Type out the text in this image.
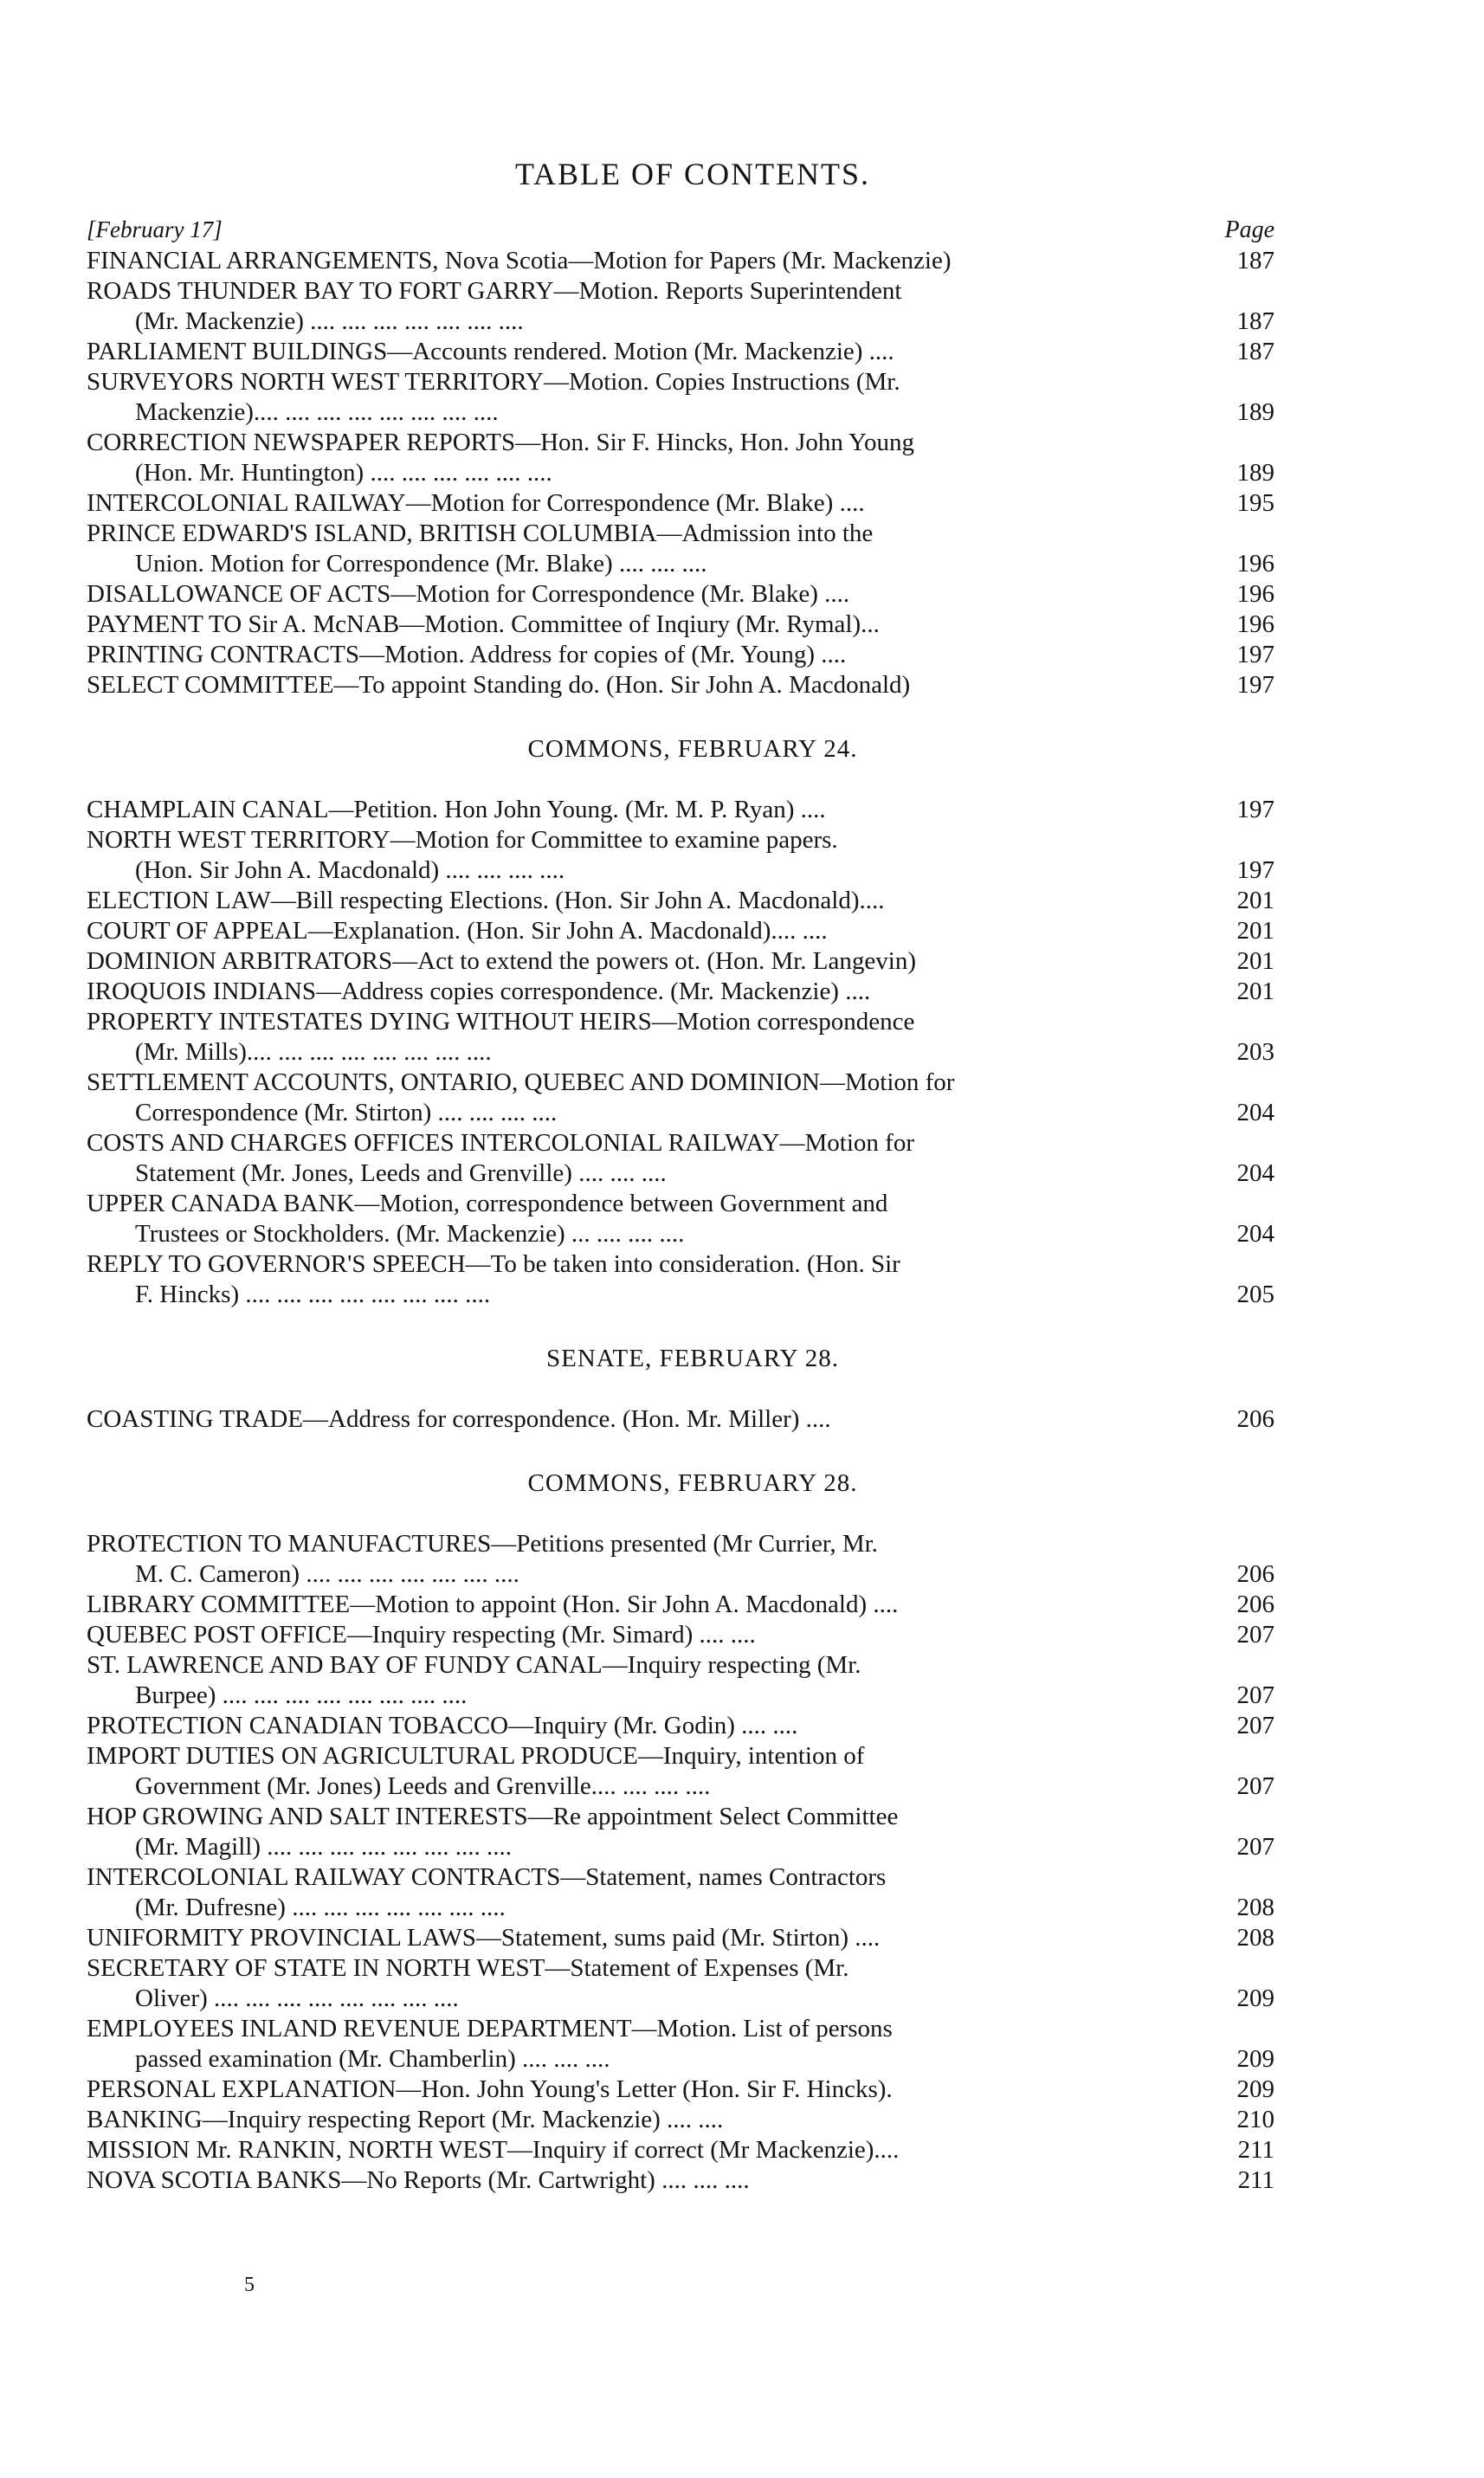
TABLE OF CONTENTS.
[February 17]	Page
FINANCIAL ARRANGEMENTS, Nova Scotia—Motion for Papers (Mr. Mackenzie)	187
ROADS THUNDER BAY TO FORT GARRY—Motion. Reports Superintendent
(Mr. Mackenzie) .... .... .... .... .... .... ....	187
PARLIAMENT BUILDINGS—Accounts rendered. Motion (Mr. Mackenzie) ....	187
SURVEYORS NORTH WEST TERRITORY—Motion. Copies Instructions (Mr.
Mackenzie).... .... .... .... .... .... .... ....	189
CORRECTION NEWSPAPER REPORTS—Hon. Sir F. Hincks, Hon. John Young
(Hon. Mr. Huntington) .... .... .... .... .... ....	189
INTERCOLONIAL RAILWAY—Motion for Correspondence (Mr. Blake) ....	195
PRINCE EDWARD'S ISLAND, BRITISH COLUMBIA—Admission into the
Union. Motion for Correspondence (Mr. Blake) .... .... ....	196
DISALLOWANCE OF ACTS—Motion for Correspondence (Mr. Blake) ....	196
PAYMENT TO Sir A. McNAB—Motion. Committee of Inqiury (Mr. Rymal)...	196
PRINTING CONTRACTS—Motion. Address for copies of (Mr. Young) ....	197
SELECT COMMITTEE—To appoint Standing do. (Hon. Sir John A. Macdonald)	197
COMMONS, FEBRUARY 24.
CHAMPLAIN CANAL—Petition. Hon John Young. (Mr. M. P. Ryan) ....	197
NORTH WEST TERRITORY—Motion for Committee to examine papers.
(Hon. Sir John A. Macdonald) .... .... .... ....	197
ELECTION LAW—Bill respecting Elections. (Hon. Sir John A. Macdonald)....	201
COURT OF APPEAL—Explanation. (Hon. Sir John A. Macdonald).... ....	201
DOMINION ARBITRATORS—Act to extend the powers ot. (Hon. Mr. Langevin)	201
IROQUOIS INDIANS—Address copies correspondence. (Mr. Mackenzie) ....	201
PROPERTY INTESTATES DYING WITHOUT HEIRS—Motion correspondence
(Mr. Mills).... .... .... .... .... .... .... ....	203
SETTLEMENT ACCOUNTS, ONTARIO, QUEBEC AND DOMINION—Motion for
Correspondence (Mr. Stirton) .... .... .... ....	204
COSTS AND CHARGES OFFICES INTERCOLONIAL RAILWAY—Motion for
Statement (Mr. Jones, Leeds and Grenville) .... .... ....	204
UPPER CANADA BANK—Motion, correspondence between Government and
Trustees or Stockholders. (Mr. Mackenzie) ... .... .... ....	204
REPLY TO GOVERNOR'S SPEECH—To be taken into consideration. (Hon. Sir
F. Hincks) .... .... .... .... .... .... .... ....	205
SENATE, FEBRUARY 28.
COASTING TRADE—Address for correspondence. (Hon. Mr. Miller) ....	206
COMMONS, FEBRUARY 28.
PROTECTION TO MANUFACTURES—Petitions presented (Mr Currier, Mr.
M. C. Cameron) .... .... .... .... .... .... ....	206
LIBRARY COMMITTEE—Motion to appoint (Hon. Sir John A. Macdonald) ....	206
QUEBEC POST OFFICE—Inquiry respecting (Mr. Simard) .... ....	207
ST. LAWRENCE AND BAY OF FUNDY CANAL—Inquiry respecting (Mr.
Burpee) .... .... .... .... .... .... .... ....	207
PROTECTION CANADIAN TOBACCO—Inquiry (Mr. Godin) .... ....	207
IMPORT DUTIES ON AGRICULTURAL PRODUCE—Inquiry, intention of
Government (Mr. Jones) Leeds and Grenville.... .... .... ....	207
HOP GROWING AND SALT INTERESTS—Re appointment Select Committee
(Mr. Magill) .... .... .... .... .... .... .... ....	207
INTERCOLONIAL RAILWAY CONTRACTS—Statement, names Contractors
(Mr. Dufresne) .... .... .... .... .... .... ....	208
UNIFORMITY PROVINCIAL LAWS—Statement, sums paid (Mr. Stirton) ....	208
SECRETARY OF STATE IN NORTH WEST—Statement of Expenses (Mr.
Oliver) .... .... .... .... .... .... .... ....	209
EMPLOYEES INLAND REVENUE DEPARTMENT—Motion. List of persons
passed examination (Mr. Chamberlin) .... .... ....	209
PERSONAL EXPLANATION—Hon. John Young's Letter (Hon. Sir F. Hincks).	209
BANKING—Inquiry respecting Report (Mr. Mackenzie) .... ....	210
MISSION Mr. RANKIN, NORTH WEST—Inquiry if correct (Mr Mackenzie)....	211
NOVA SCOTIA BANKS—No Reports (Mr. Cartwright) .... .... ....	211
5
